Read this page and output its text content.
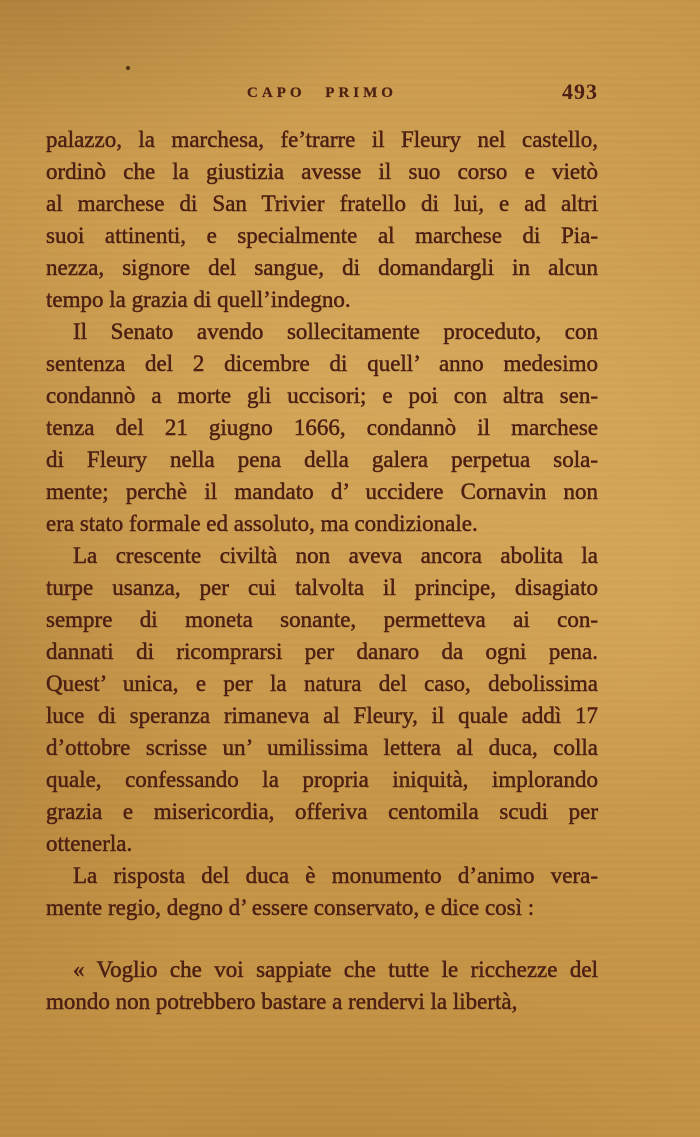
CAPO PRIMO	493
palazzo, la marchesa, fe’trarre il Fleury nel castello,
ordinò che la giustizia avesse il suo corso e vietò
al marchese di San Trivier fratello di lui, e ad altri
suoi attinenti, e specialmente al marchese di Pia-
nezza, signore del sangue, di domandargli in alcun
tempo la grazia di quell’indegno.
Il Senato avendo sollecitamente proceduto, con
sentenza del 2 dicembre di quell’ anno medesimo
condannò a morte gli uccisori; e poi con altra sen-
tenza del 21 giugno 1666, condannò il marchese
di Fleury nella pena della galera perpetua sola-
mente; perchè il mandato d’ uccidere Cornavin non
era stato formale ed assoluto, ma condizionale.
La crescente civiltà non aveva ancora abolita la
turpe usanza, per cui talvolta il principe, disagiato
sempre di moneta sonante, permetteva ai con-
dannati di ricomprarsi per danaro da ogni pena.
Quest’ unica, e per la natura del caso, debolissima
luce di speranza rimaneva al Fleury, il quale addì 17
d’ottobre scrisse un’ umilissima lettera al duca, colla
quale, confessando la propria iniquità, implorando
grazia e misericordia, offeriva centomila scudi per
ottenerla.
La risposta del duca è monumento d’animo vera-
mente regio, degno d’ essere conservato, e dice così :
« Voglio che voi sappiate che tutte le ricchezze del
mondo non potrebbero bastare a rendervi la libertà,
